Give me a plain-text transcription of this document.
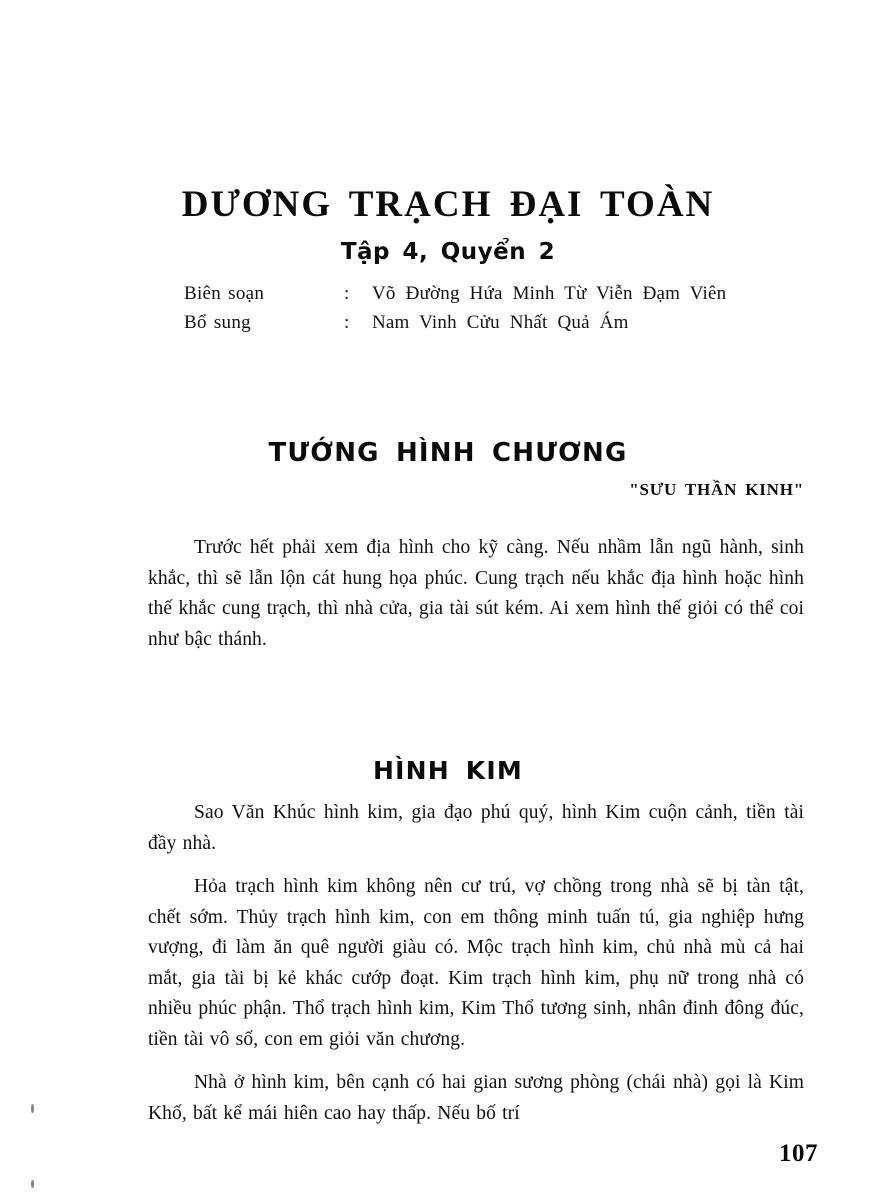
DƯƠNG TRẠCH ĐẠI TOÀN
Tập 4, Quyển 2
Biên soạn	:	Võ Đường Hứa Minh Từ Viễn Đạm Viên
Bổ sung	:	Nam Vinh Cửu Nhất Quả Ám
TƯỚNG HÌNH CHƯƠNG
"SƯU THẦN KINH"

Trước hết phải xem địa hình cho kỹ càng. Nếu nhầm lẫn ngũ hành, sinh khắc, thì sẽ lẫn lộn cát hung họa phúc. Cung trạch nếu khắc địa hình hoặc hình thế khắc cung trạch, thì nhà cửa, gia tài sút kém. Ai xem hình thế giỏi có thể coi như bậc thánh.

HÌNH KIM

Sao Văn Khúc hình kim, gia đạo phú quý, hình Kim cuộn cảnh, tiền tài đầy nhà.

Hỏa trạch hình kim không nên cư trú, vợ chồng trong nhà sẽ bị tàn tật, chết sớm. Thủy trạch hình kim, con em thông minh tuấn tú, gia nghiệp hưng vượng, đi làm ăn quê người giàu có. Mộc trạch hình kim, chủ nhà mù cả hai mắt, gia tài bị kẻ khác cướp đoạt. Kim trạch hình kim, phụ nữ trong nhà có nhiều phúc phận. Thổ trạch hình kim, Kim Thổ tương sinh, nhân đinh đông đúc, tiền tài vô số, con em giỏi văn chương.

Nhà ở hình kim, bên cạnh có hai gian sương phòng (chái nhà) gọi là Kim Khố, bất kể mái hiên cao hay thấp. Nếu bố trí

107
